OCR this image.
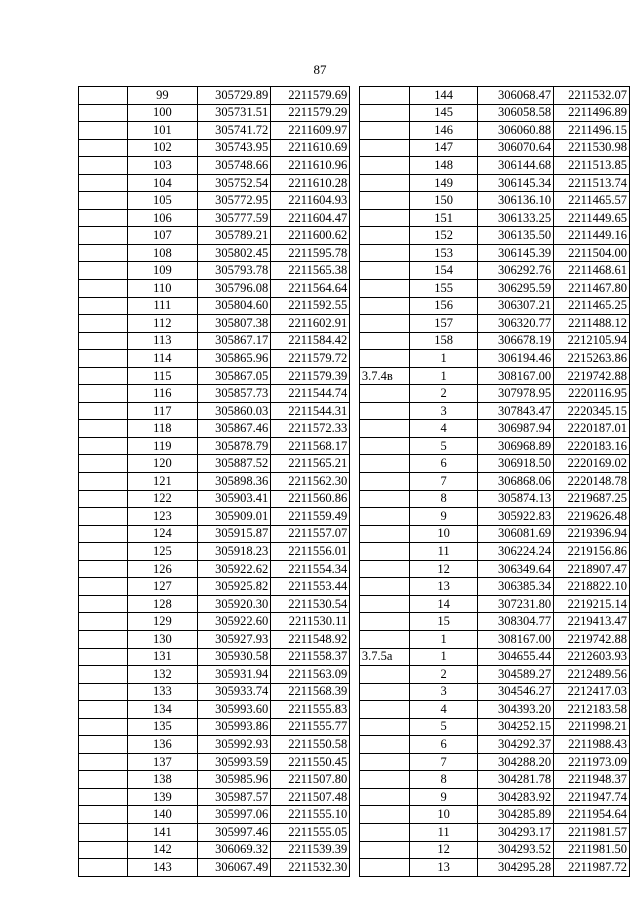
87
	99	305729.89	2211579.69			144	306068.47	2211532.07
	100	305731.51	2211579.29			145	306058.58	2211496.89
	101	305741.72	2211609.97			146	306060.88	2211496.15
	102	305743.95	2211610.69			147	306070.64	2211530.98
	103	305748.66	2211610.96			148	306144.68	2211513.85
	104	305752.54	2211610.28			149	306145.34	2211513.74
	105	305772.95	2211604.93			150	306136.10	2211465.57
	106	305777.59	2211604.47			151	306133.25	2211449.65
	107	305789.21	2211600.62			152	306135.50	2211449.16
	108	305802.45	2211595.78			153	306145.39	2211504.00
	109	305793.78	2211565.38			154	306292.76	2211468.61
	110	305796.08	2211564.64			155	306295.59	2211467.80
	111	305804.60	2211592.55			156	306307.21	2211465.25
	112	305807.38	2211602.91			157	306320.77	2211488.12
	113	305867.17	2211584.42			158	306678.19	2212105.94
	114	305865.96	2211579.72			1	306194.46	2215263.86
	115	305867.05	2211579.39		3.7.4в	1	308167.00	2219742.88
	116	305857.73	2211544.74			2	307978.95	2220116.95
	117	305860.03	2211544.31			3	307843.47	2220345.15
	118	305867.46	2211572.33			4	306987.94	2220187.01
	119	305878.79	2211568.17			5	306968.89	2220183.16
	120	305887.52	2211565.21			6	306918.50	2220169.02
	121	305898.36	2211562.30			7	306868.06	2220148.78
	122	305903.41	2211560.86			8	305874.13	2219687.25
	123	305909.01	2211559.49			9	305922.83	2219626.48
	124	305915.87	2211557.07			10	306081.69	2219396.94
	125	305918.23	2211556.01			11	306224.24	2219156.86
	126	305922.62	2211554.34			12	306349.64	2218907.47
	127	305925.82	2211553.44			13	306385.34	2218822.10
	128	305920.30	2211530.54			14	307231.80	2219215.14
	129	305922.60	2211530.11			15	308304.77	2219413.47
	130	305927.93	2211548.92			1	308167.00	2219742.88
	131	305930.58	2211558.37		3.7.5а	1	304655.44	2212603.93
	132	305931.94	2211563.09			2	304589.27	2212489.56
	133	305933.74	2211568.39			3	304546.27	2212417.03
	134	305993.60	2211555.83			4	304393.20	2212183.58
	135	305993.86	2211555.77			5	304252.15	2211998.21
	136	305992.93	2211550.58			6	304292.37	2211988.43
	137	305993.59	2211550.45			7	304288.20	2211973.09
	138	305985.96	2211507.80			8	304281.78	2211948.37
	139	305987.57	2211507.48			9	304283.92	2211947.74
	140	305997.06	2211555.10			10	304285.89	2211954.64
	141	305997.46	2211555.05			11	304293.17	2211981.57
	142	306069.32	2211539.39			12	304293.52	2211981.50
	143	306067.49	2211532.30			13	304295.28	2211987.72
